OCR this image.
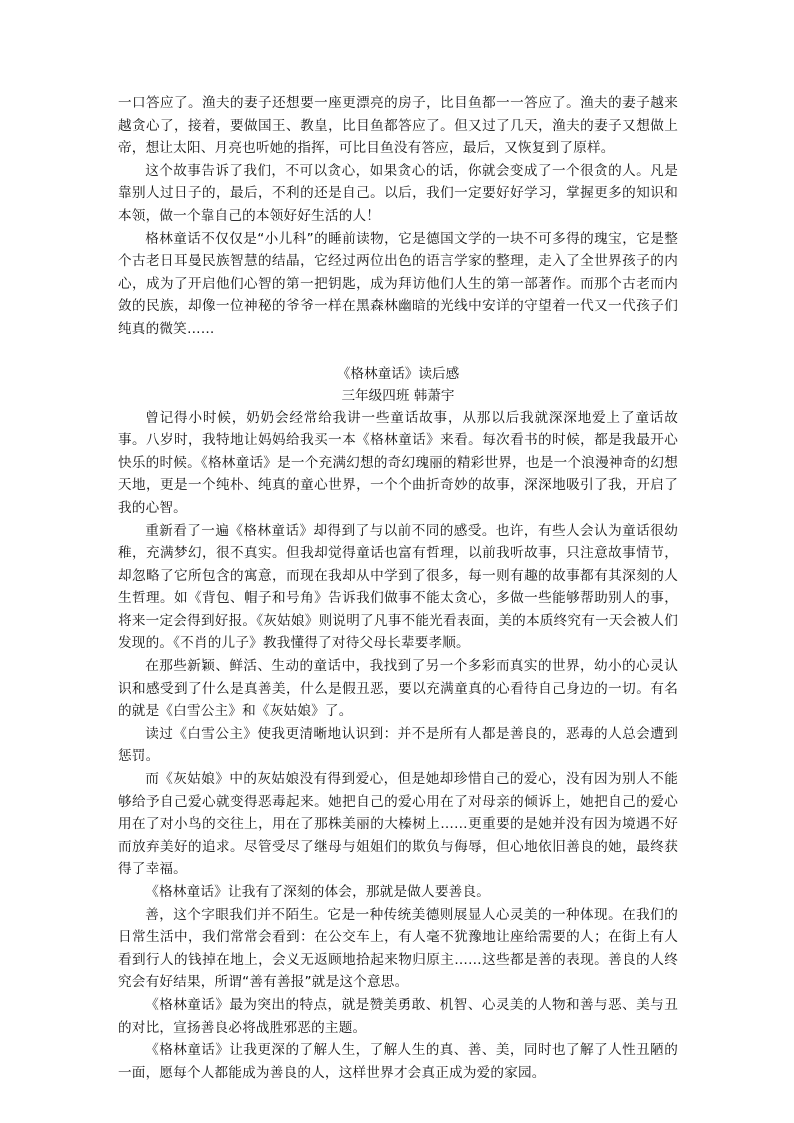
一口答应了。渔夫的妻子还想要一座更漂亮的房子，比目鱼都一一答应了。渔夫的妻子越来越贪心了，接着，要做国王、教皇，比目鱼都答应了。但又过了几天，渔夫的妻子又想做上帝，想让太阳、月亮也听她的指挥，可比目鱼没有答应，最后，又恢复到了原样。

这个故事告诉了我们，不可以贪心，如果贪心的话，你就会变成了一个很贪的人。凡是靠别人过日子的，最后，不利的还是自己。以后，我们一定要好好学习，掌握更多的知识和本领，做一个靠自己的本领好好生活的人！

格林童话不仅仅是“小儿科”的睡前读物，它是德国文学的一块不可多得的瑰宝，它是整个古老日耳曼民族智慧的结晶，它经过两位出色的语言学家的整理，走入了全世界孩子的内心，成为了开启他们心智的第一把钥匙，成为拜访他们人生的第一部著作。而那个古老而内敛的民族，却像一位神秘的爷爷一样在黑森林幽暗的光线中安详的守望着一代又一代孩子们纯真的微笑……

《格林童话》读后感

三年级四班 韩萧宇

曾记得小时候，奶奶会经常给我讲一些童话故事，从那以后我就深深地爱上了童话故事。八岁时，我特地让妈妈给我买一本《格林童话》来看。每次看书的时候，都是我最开心快乐的时候。《格林童话》是一个充满幻想的奇幻瑰丽的精彩世界，也是一个浪漫神奇的幻想天地，更是一个纯朴、纯真的童心世界，一个个曲折奇妙的故事，深深地吸引了我，开启了我的心智。

重新看了一遍《格林童话》却得到了与以前不同的感受。也许，有些人会认为童话很幼稚，充满梦幻，很不真实。但我却觉得童话也富有哲理，以前我听故事，只注意故事情节，却忽略了它所包含的寓意，而现在我却从中学到了很多，每一则有趣的故事都有其深刻的人生哲理。如《背包、帽子和号角》告诉我们做事不能太贪心，多做一些能够帮助别人的事，将来一定会得到好报。《灰姑娘》则说明了凡事不能光看表面，美的本质终究有一天会被人们发现的。《不肖的儿子》教我懂得了对待父母长辈要孝顺。

在那些新颖、鲜活、生动的童话中，我找到了另一个多彩而真实的世界，幼小的心灵认识和感受到了什么是真善美，什么是假丑恶，要以充满童真的心看待自己身边的一切。有名的就是《白雪公主》和《灰姑娘》了。

读过《白雪公主》使我更清晰地认识到：并不是所有人都是善良的，恶毒的人总会遭到惩罚。

而《灰姑娘》中的灰姑娘没有得到爱心，但是她却珍惜自己的爱心，没有因为别人不能够给予自己爱心就变得恶毒起来。她把自己的爱心用在了对母亲的倾诉上，她把自己的爱心用在了对小鸟的交往上，用在了那株美丽的大榛树上……更重要的是她并没有因为境遇不好而放弃美好的追求。尽管受尽了继母与姐姐们的欺负与侮辱，但心地依旧善良的她，最终获得了幸福。

《格林童话》让我有了深刻的体会，那就是做人要善良。

善，这个字眼我们并不陌生。它是一种传统美德则展显人心灵美的一种体现。在我们的日常生活中，我们常常会看到：在公交车上，有人毫不犹豫地让座给需要的人；在街上有人看到行人的钱掉在地上，会义无返顾地拾起来物归原主……这些都是善的表现。善良的人终究会有好结果，所谓“善有善报”就是这个意思。

《格林童话》最为突出的特点，就是赞美勇敢、机智、心灵美的人物和善与恶、美与丑的对比，宣扬善良必将战胜邪恶的主题。

《格林童话》让我更深的了解人生，了解人生的真、善、美，同时也了解了人性丑陋的一面，愿每个人都能成为善良的人，这样世界才会真正成为爱的家园。
